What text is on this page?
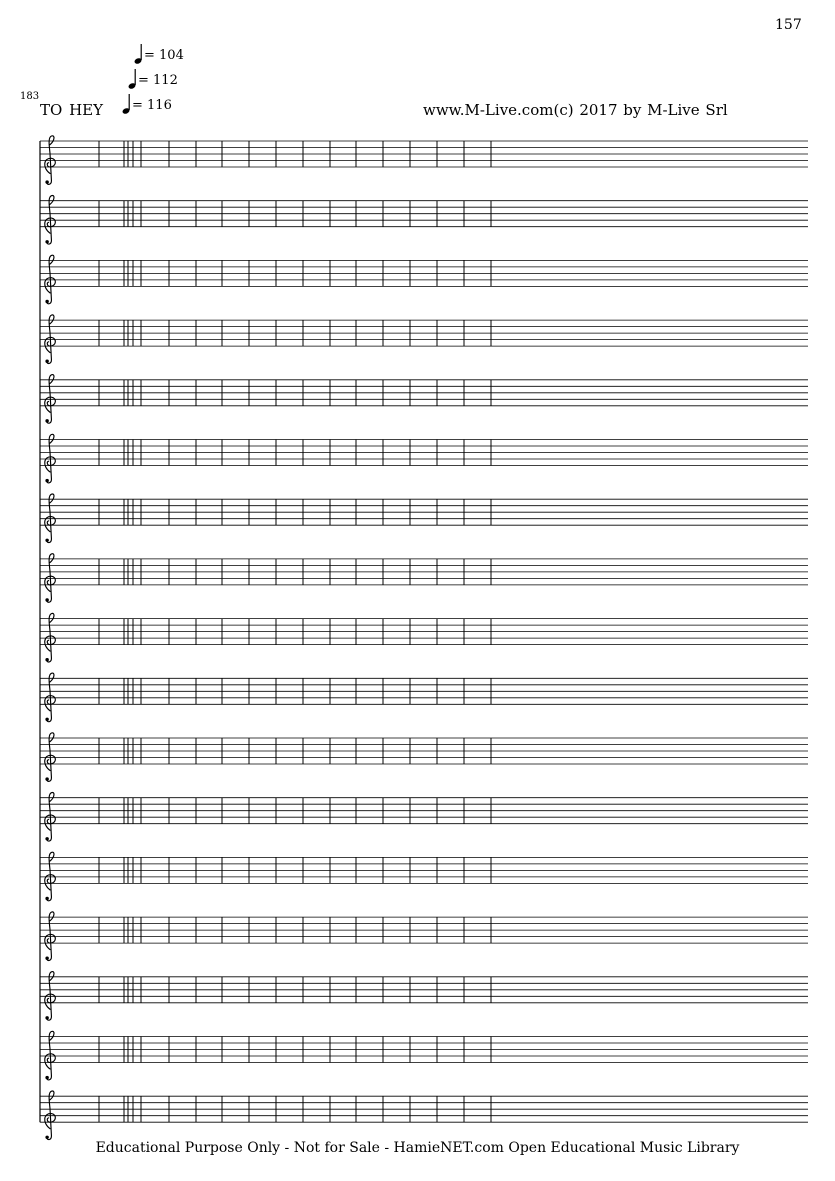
157
183
TO HEY	www.M-Live.com(c) 2017 by M-Live Srl
= 104
= 112
= 116
Educational Purpose Only - Not for Sale - HamieNET.com Open Educational Music Library
